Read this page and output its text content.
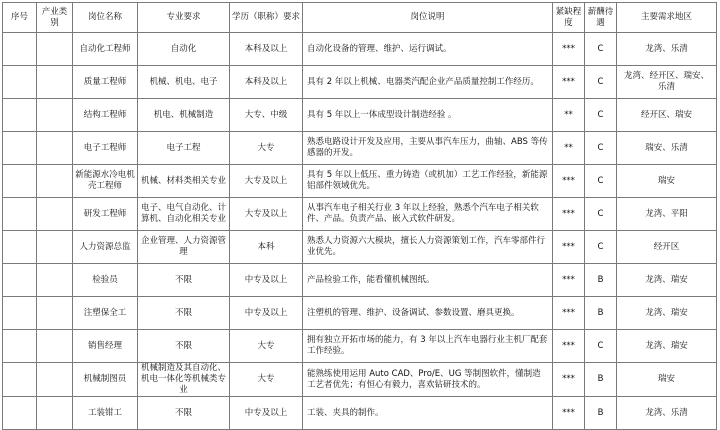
序号	产业类别	岗位名称	专业要求	学历（职称）要求	岗位说明	紧缺程度	薪酬待遇	主要需求地区
		自动化工程师	自动化	本科及以上	自动化设备的管理、维护、运行调试。	***	C	龙湾、乐清
		质量工程师	机械、机电、电子	本科及以上	具有 2 年以上机械、电器类汽配企业产品质量控制工作经历。	***	C	龙湾、经开区、瑞安、乐清
		结构工程师	机电、机械制造	大专、中级	具有 5 年以上一体成型设计制造经验 。	**	C	经开区、瑞安
		电子工程师	电子工程	大专	熟悉电路设计开发及应用，主要从事汽车压力，曲轴、ABS 等传感器的开发。	**	C	瑞安、乐清
		新能源水冷电机壳工程师	机械、材料类相关专业	大专及以上	具有 5 年以上低压、重力铸造（或机加）工艺工作经验，新能源铝部件领域优先。	***	C	瑞安
		研发工程师	电子、电气自动化、计算机、自动化相关专业	大专及以上	从事汽车电子相关行业 3 年以上经验，熟悉个汽车电子相关软件、产品。负责产品、嵌入式软件研发。	***	C	龙湾、平阳
		人力资源总监	企业管理、人力资源管理	本科	熟悉人力资源六大模块，擅长人力资源策划工作，汽车零部件行业优先。	***	C	经开区
		检验员	不限	中专及以上	产品检验工作，能看懂机械图纸。	***	B	龙湾、瑞安
		注塑保全工	不限	中专及以上	注塑机的管理、维护、设备调试、参数设置、磨具更换。	***	B	龙湾、瑞安
		销售经理	不限	大专	拥有独立开拓市场的能力，有 3 年以上汽车电器行业主机厂配套工作经验。	***	C	龙湾、瑞安
		机械制图员	机械制造及其自动化、机电一体化等机械类专业	大专	能熟练使用运用 Auto CAD、Pro/E、UG 等制图软件，懂制造工艺者优先；有恒心有毅力，喜欢钻研技术的。	***	B	瑞安
		工装钳工	不限	中专及以上	工装、夹具的制作。	***	B	龙湾、乐清
